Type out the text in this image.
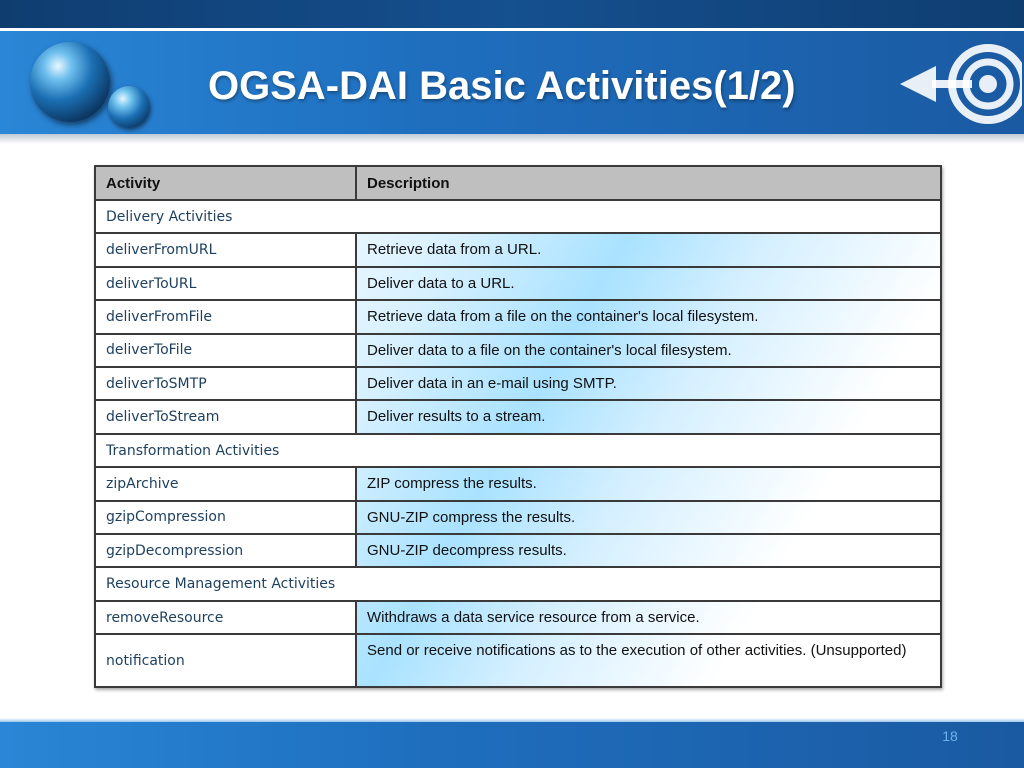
OGSA-DAI Basic Activities(1/2)
Activity	Description
Delivery Activities	
deliverFromURL	Retrieve data from a URL.
deliverToURL	Deliver data to a URL.
deliverFromFile	Retrieve data from a file on the container's local filesystem.
deliverToFile	Deliver data to a file on the container's local filesystem.
deliverToSMTP	Deliver data in an e-mail using SMTP.
deliverToStream	Deliver results to a stream.
Transformation Activities	
zipArchive	ZIP compress the results.
gzipCompression	GNU-ZIP compress the results.
gzipDecompression	GNU-ZIP decompress results.
Resource Management Activities	
removeResource	Withdraws a data service resource from a service.
notification	Send or receive notifications as to the execution of other activities. (Unsupported)
18
